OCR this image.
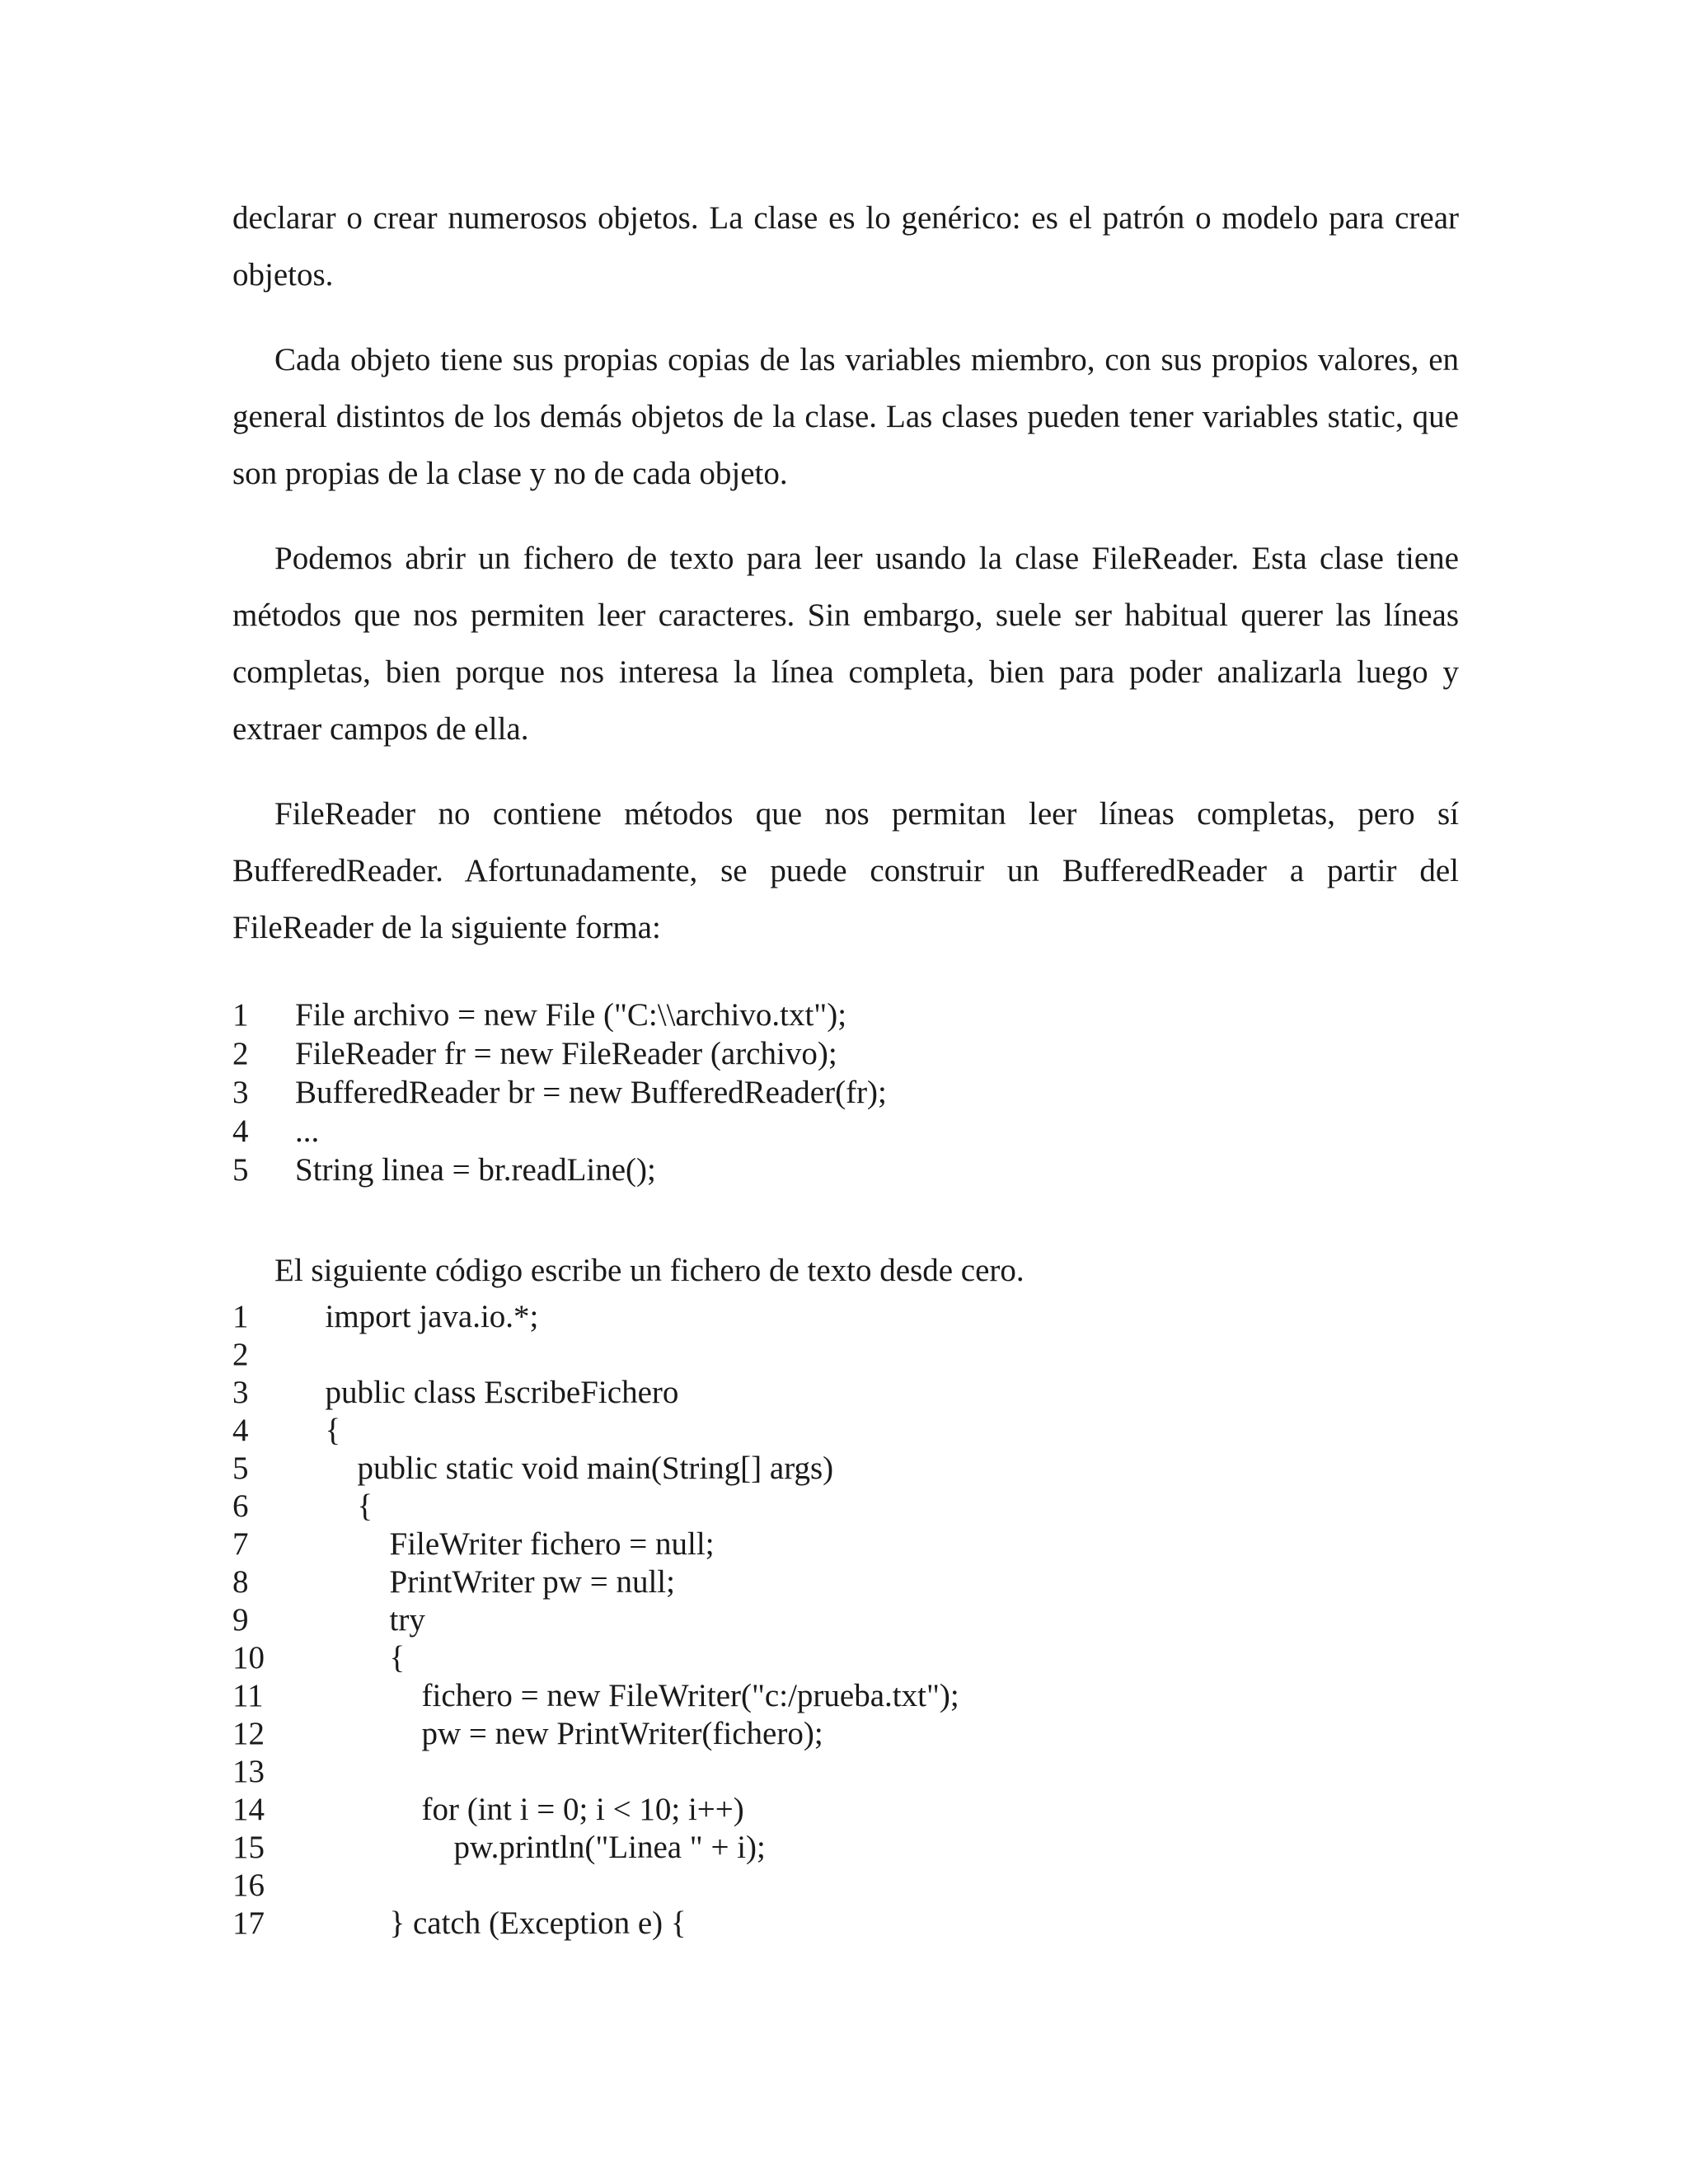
declarar o crear numerosos objetos. La clase es lo genérico: es el patrón o modelo para crear objetos.

Cada objeto tiene sus propias copias de las variables miembro, con sus propios valores, en general distintos de los demás objetos de la clase. Las clases pueden tener variables static, que son propias de la clase y no de cada objeto.

Podemos abrir un fichero de texto para leer usando la clase FileReader. Esta clase tiene métodos que nos permiten leer caracteres. Sin embargo, suele ser habitual querer las líneas completas, bien porque nos interesa la línea completa, bien para poder analizarla luego y extraer campos de ella.

FileReader no contiene métodos que nos permitan leer líneas completas, pero sí BufferedReader. Afortunadamente, se puede construir un BufferedReader a partir del FileReader de la siguiente forma:

1	File archivo = new File ("C:\\archivo.txt");
2	FileReader fr = new FileReader (archivo);
3	BufferedReader br = new BufferedReader(fr);
4	...
5	String linea = br.readLine();

El siguiente código escribe un fichero de texto desde cero.

1	import java.io.*;
2
3	public class EscribeFichero
4	{
5	public static void main(String[] args)
6	{
7	FileWriter fichero = null;
8	PrintWriter pw = null;
9	try
10	{
11	fichero = new FileWriter("c:/prueba.txt");
12	pw = new PrintWriter(fichero);
13
14	for (int i = 0; i < 10; i++)
15	pw.println("Linea " + i);
16
17	} catch (Exception e) {
